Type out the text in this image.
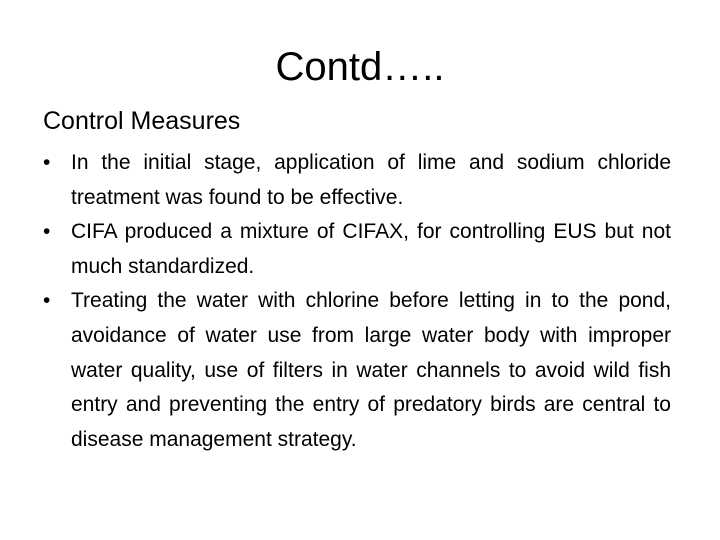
Contd…..
Control Measures
• In the initial stage, application of lime and sodium chloride treatment was found to be effective.
• CIFA produced a mixture of CIFAX, for controlling EUS but not much standardized.
• Treating the water with chlorine before letting in to the pond, avoidance of water use from large water body with improper water quality, use of filters in water channels to avoid wild fish entry and preventing the entry of predatory birds are central to disease management strategy.
